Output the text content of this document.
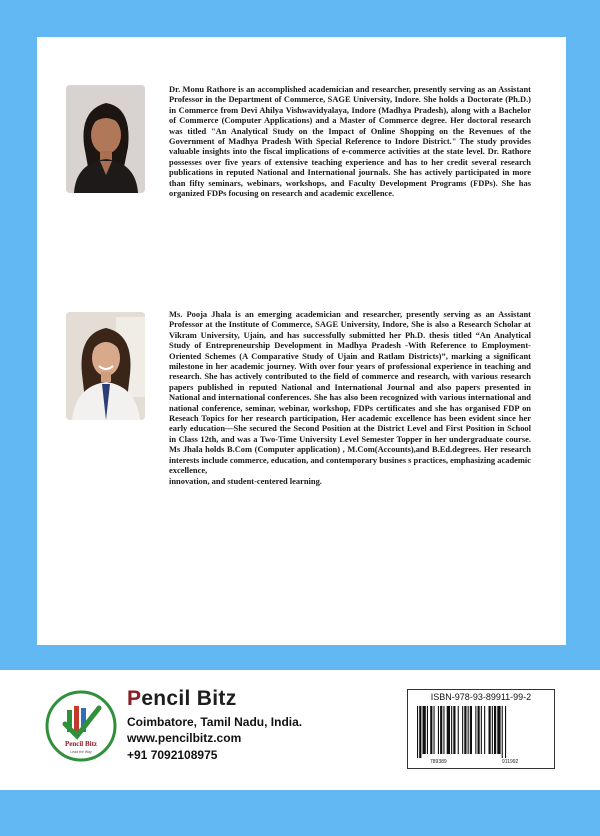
Dr. Monu Rathore is an accomplished academician and researcher, presently serving as an Assistant Professor in the Department of Commerce, SAGE University, Indore. She holds a Doctorate (Ph.D.) in Commerce from Devi Ahilya Vishwavidyalaya, Indore (Madhya Pradesh), along with a Bachelor of Commerce (Computer Applications) and a Master of Commerce degree. Her doctoral research was titled "An Analytical Study on the Impact of Online Shopping on the Revenues of the Government of Madhya Pradesh With Special Reference to Indore District." The study provides valuable insights into the fiscal implications of e-commerce activities at the state level. Dr. Rathore possesses over five years of extensive teaching experience and has to her credit several research publications in reputed National and International journals. She has actively participated in more than fifty seminars, webinars, workshops, and Faculty Development Programs (FDPs). She has organized FDPs focusing on research and academic excellence.

Ms. Pooja Jhala is an emerging academician and researcher, presently serving as an Assistant Professor at the Institute of Commerce, SAGE University, Indore, She is also a Research Scholar at Vikram University, Ujain, and has successfully submitted her Ph.D. thesis titled “An Analytical Study of Entrepreneurship Development in Madhya Pradesh -With Reference to Employment-Oriented Schemes (A Comparative Study of Ujain and Ratlam Districts)”, marking a significant milestone in her academic journey. With over four years of professional experience in teaching and research. She has actively contributed to the field of commerce and research, with various research papers published in reputed National and International Journal and also papers presented in National and international conferences. She has also been recognized with various international and national conference, seminar, webinar, workshop, FDPs certificates and she has organised FDP on Reseach Topics for her research participation, Her academic excellence has been evident since her early education—She secured the Second Position at the District Level and First Position in School in Class 12th, and was a Two-Time University Level Semester Topper in her undergraduate course. Ms Jhala holds B.Com (Computer application) , M.Com(Accounts),and B.Ed.degrees. Her research interests include commerce, education, and contemporary busines s practices, emphasizing academic excellence,
innovation, and student-centered learning.
Pencil Bitz
Lead the Way
Pencil Bitz
Coimbatore, Tamil Nadu, India.
www.pencilbitz.com
+91 7092108975
ISBN-978-93-89911-99-2
789389	911992
